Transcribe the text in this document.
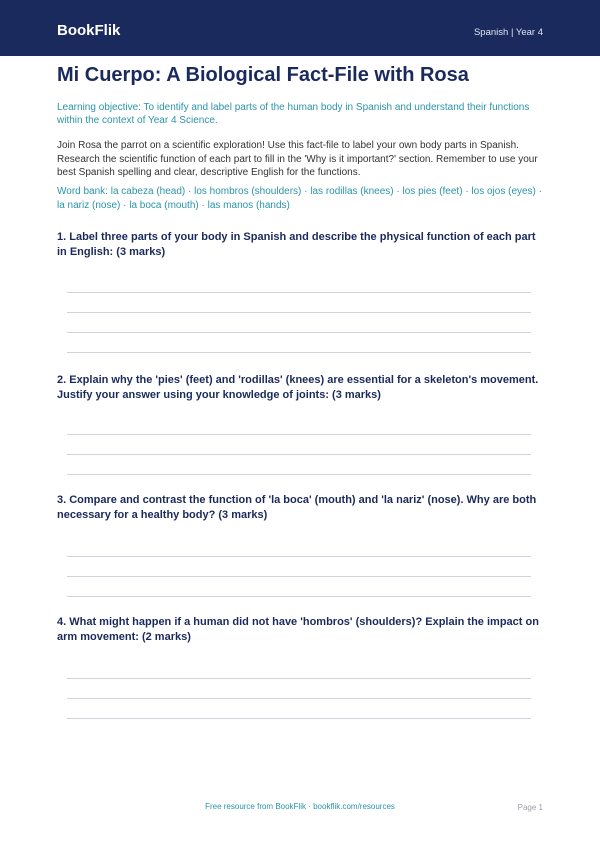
BookFlik	Spanish | Year 4
Mi Cuerpo: A Biological Fact-File with Rosa

Learning objective: To identify and label parts of the human body in Spanish and understand their functions within the context of Year 4 Science.

Join Rosa the parrot on a scientific exploration! Use this fact-file to label your own body parts in Spanish. Research the scientific function of each part to fill in the 'Why is it important?' section. Remember to use your best Spanish spelling and clear, descriptive English for the functions.

Word bank: la cabeza (head) · los hombros (shoulders) · las rodillas (knees) · los pies (feet) · los ojos (eyes) · la nariz (nose) · la boca (mouth) · las manos (hands)

1. Label three parts of your body in Spanish and describe the physical function of each part in English: (3 marks)

2. Explain why the 'pies' (feet) and 'rodillas' (knees) are essential for a skeleton's movement. Justify your answer using your knowledge of joints: (3 marks)

3. Compare and contrast the function of 'la boca' (mouth) and 'la nariz' (nose). Why are both necessary for a healthy body? (3 marks)

4. What might happen if a human did not have 'hombros' (shoulders)? Explain the impact on arm movement: (2 marks)

Free resource from BookFlik · bookflik.com/resources	Page 1
